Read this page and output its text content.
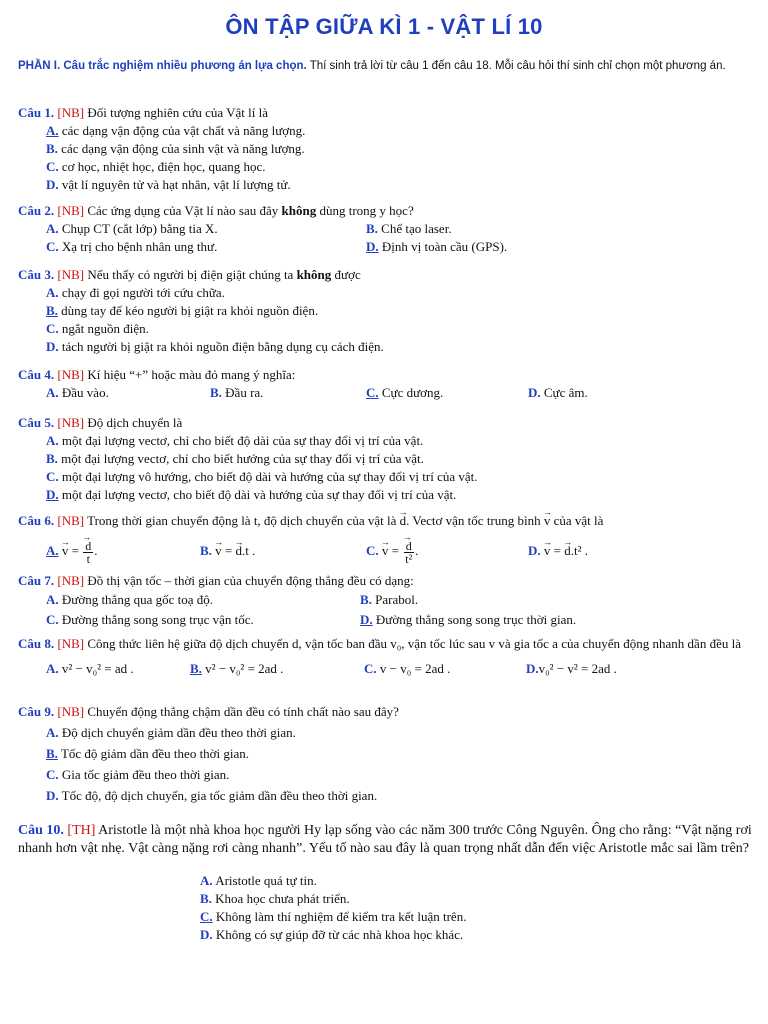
ÔN TẬP GIỮA KÌ 1 - VẬT LÍ 10
PHẦN I. Câu trắc nghiệm nhiều phương án lựa chọn. Thí sinh trả lời từ câu 1 đến câu 18. Mỗi câu hỏi thí sinh chỉ chọn một phương án.
Câu 1. [NB] Đối tượng nghiên cứu của Vật lí là
A. các dạng vận động của vật chất và năng lượng.
B. các dạng vận động của sinh vật và năng lượng.
C. cơ học, nhiệt học, điện học, quang học.
D. vật lí nguyên tử và hạt nhân, vật lí lượng tử.
Câu 2. [NB] Các ứng dụng của Vật lí nào sau đây không dùng trong y học?
A. Chụp CT (cắt lớp) bằng tia X.	B. Chế tạo laser.
C. Xạ trị cho bệnh nhân ung thư.	D. Định vị toàn cầu (GPS).
Câu 3. [NB] Nếu thấy có người bị điện giật chúng ta không được
A. chạy đi gọi người tới cứu chữa.
B. dùng tay để kéo người bị giật ra khỏi nguồn điện.
C. ngắt nguồn điện.
D. tách người bị giật ra khỏi nguồn điện bằng dụng cụ cách điện.
Câu 4. [NB] Kí hiệu “+” hoặc màu đỏ mang ý nghĩa:
A. Đầu vào.	B. Đầu ra.	C. Cực dương.	D. Cực âm.
Câu 5. [NB] Độ dịch chuyển là
A. một đại lượng vectơ, chỉ cho biết độ dài của sự thay đổi vị trí của vật.
B. một đại lượng vectơ, chỉ cho biết hướng của sự thay đổi vị trí của vật.
C. một đại lượng vô hướng, cho biết độ dài và hướng của sự thay đổi vị trí của vật.
D. một đại lượng vectơ, cho biết độ dài và hướng của sự thay đổi vị trí của vật.
Câu 6. [NB] Trong thời gian chuyển động là t, độ dịch chuyển của vật là → d. Vectơ vận tốc trung bình → v của vật là
A. → v = → $\frac{d}{t}$ .	B. → v = → d.t .	C. → v = → $\frac{d}{\text{t²}}$ .	D. → v = → d.t² .
Câu 7. [NB] Đồ thị vận tốc – thời gian của chuyển động thẳng đều có dạng:
A. Đường thẳng qua gốc toạ độ.	B. Parabol.
C. Đường thẳng song song trục vận tốc.	D. Đường thẳng song song trục thời gian.
Câu 8. [NB] Công thức liên hệ giữa độ dịch chuyển d, vận tốc ban đầu v₀, vận tốc lúc sau v và gia tốc a của chuyển động nhanh dần đều là
A. v² − v₀² = ad .	B. v² − v₀² = 2ad .	C. v − v₀ = 2ad .	D.v₀² − v² = 2ad .
Câu 9. [NB] Chuyển động thẳng chậm dần đều có tính chất nào sau đây?
A. Độ dịch chuyển giảm dần đều theo thời gian.
B. Tốc độ giảm dần đều theo thời gian.
C. Gia tốc giảm đều theo thời gian.
D. Tốc độ, độ dịch chuyển, gia tốc giảm dần đều theo thời gian.
Câu 10. [TH] Aristotle là một nhà khoa học người Hy lạp sống vào các năm 300 trước Công Nguyên. Ông cho rằng: “Vật nặng rơi nhanh hơn vật nhẹ. Vật càng nặng rơi càng nhanh”. Yếu tố nào sau đây là quan trọng nhất dẫn đến việc Aristotle mắc sai lầm trên?
A. Aristotle quá tự tin.
B. Khoa học chưa phát triển.
C. Không làm thí nghiệm để kiểm tra kết luận trên.
D. Không có sự giúp đỡ từ các nhà khoa học khác.
